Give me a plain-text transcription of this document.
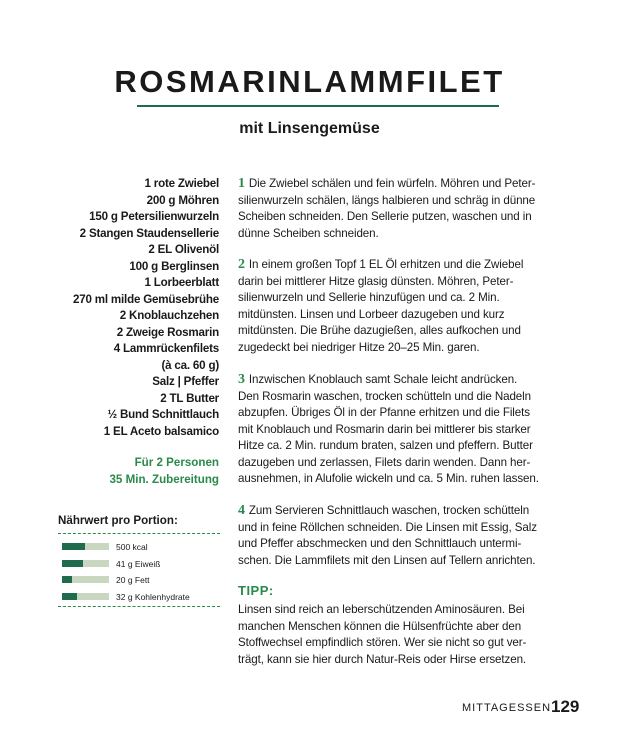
ROSMARINLAMMFILET
mit Linsengemüse
1 rote Zwiebel
200 g Möhren
150 g Petersilienwurzeln
2 Stangen Staudensellerie
2 EL Olivenöl
100 g Berglinsen
1 Lorbeerblatt
270 ml milde Gemüsebrühe
2 Knoblauchzehen
2 Zweige Rosmarin
4 Lammrückenfilets
(à ca. 60 g)
Salz | Pfeffer
2 TL Butter
½ Bund Schnittlauch
1 EL Aceto balsamico
Für 2 Personen
35 Min. Zubereitung
Nährwert pro Portion:
500 kcal
41 g Eiweiß
20 g Fett
32 g Kohlenhydrate
1 Die Zwiebel schälen und fein würfeln. Möhren und Peter-
silienwurzeln schälen, längs halbieren und schräg in dünne
Scheiben schneiden. Den Sellerie putzen, waschen und in
dünne Scheiben schneiden.
2 In einem großen Topf 1 EL Öl erhitzen und die Zwiebel
darin bei mittlerer Hitze glasig dünsten. Möhren, Peter-
silienwurzeln und Sellerie hinzufügen und ca. 2 Min.
mitdünsten. Linsen und Lorbeer dazugeben und kurz
mitdünsten. Die Brühe dazugießen, alles aufkochen und
zugedeckt bei niedriger Hitze 20–25 Min. garen.
3 Inzwischen Knoblauch samt Schale leicht andrücken.
Den Rosmarin waschen, trocken schütteln und die Nadeln
abzupfen. Übriges Öl in der Pfanne erhitzen und die Filets
mit Knoblauch und Rosmarin darin bei mittlerer bis starker
Hitze ca. 2 Min. rundum braten, salzen und pfeffern. Butter
dazugeben und zerlassen, Filets darin wenden. Dann her-
ausnehmen, in Alufolie wickeln und ca. 5 Min. ruhen lassen.
4 Zum Servieren Schnittlauch waschen, trocken schütteln
und in feine Röllchen schneiden. Die Linsen mit Essig, Salz
und Pfeffer abschmecken und den Schnittlauch untermi-
schen. Die Lammfilets mit den Linsen auf Tellern anrichten.
TIPP:
Linsen sind reich an leberschützenden Aminosäuren. Bei
manchen Menschen können die Hülsenfrüchte aber den
Stoffwechsel empfindlich stören. Wer sie nicht so gut ver-
trägt, kann sie hier durch Natur-Reis oder Hirse ersetzen.
MITTAGESSEN 129
